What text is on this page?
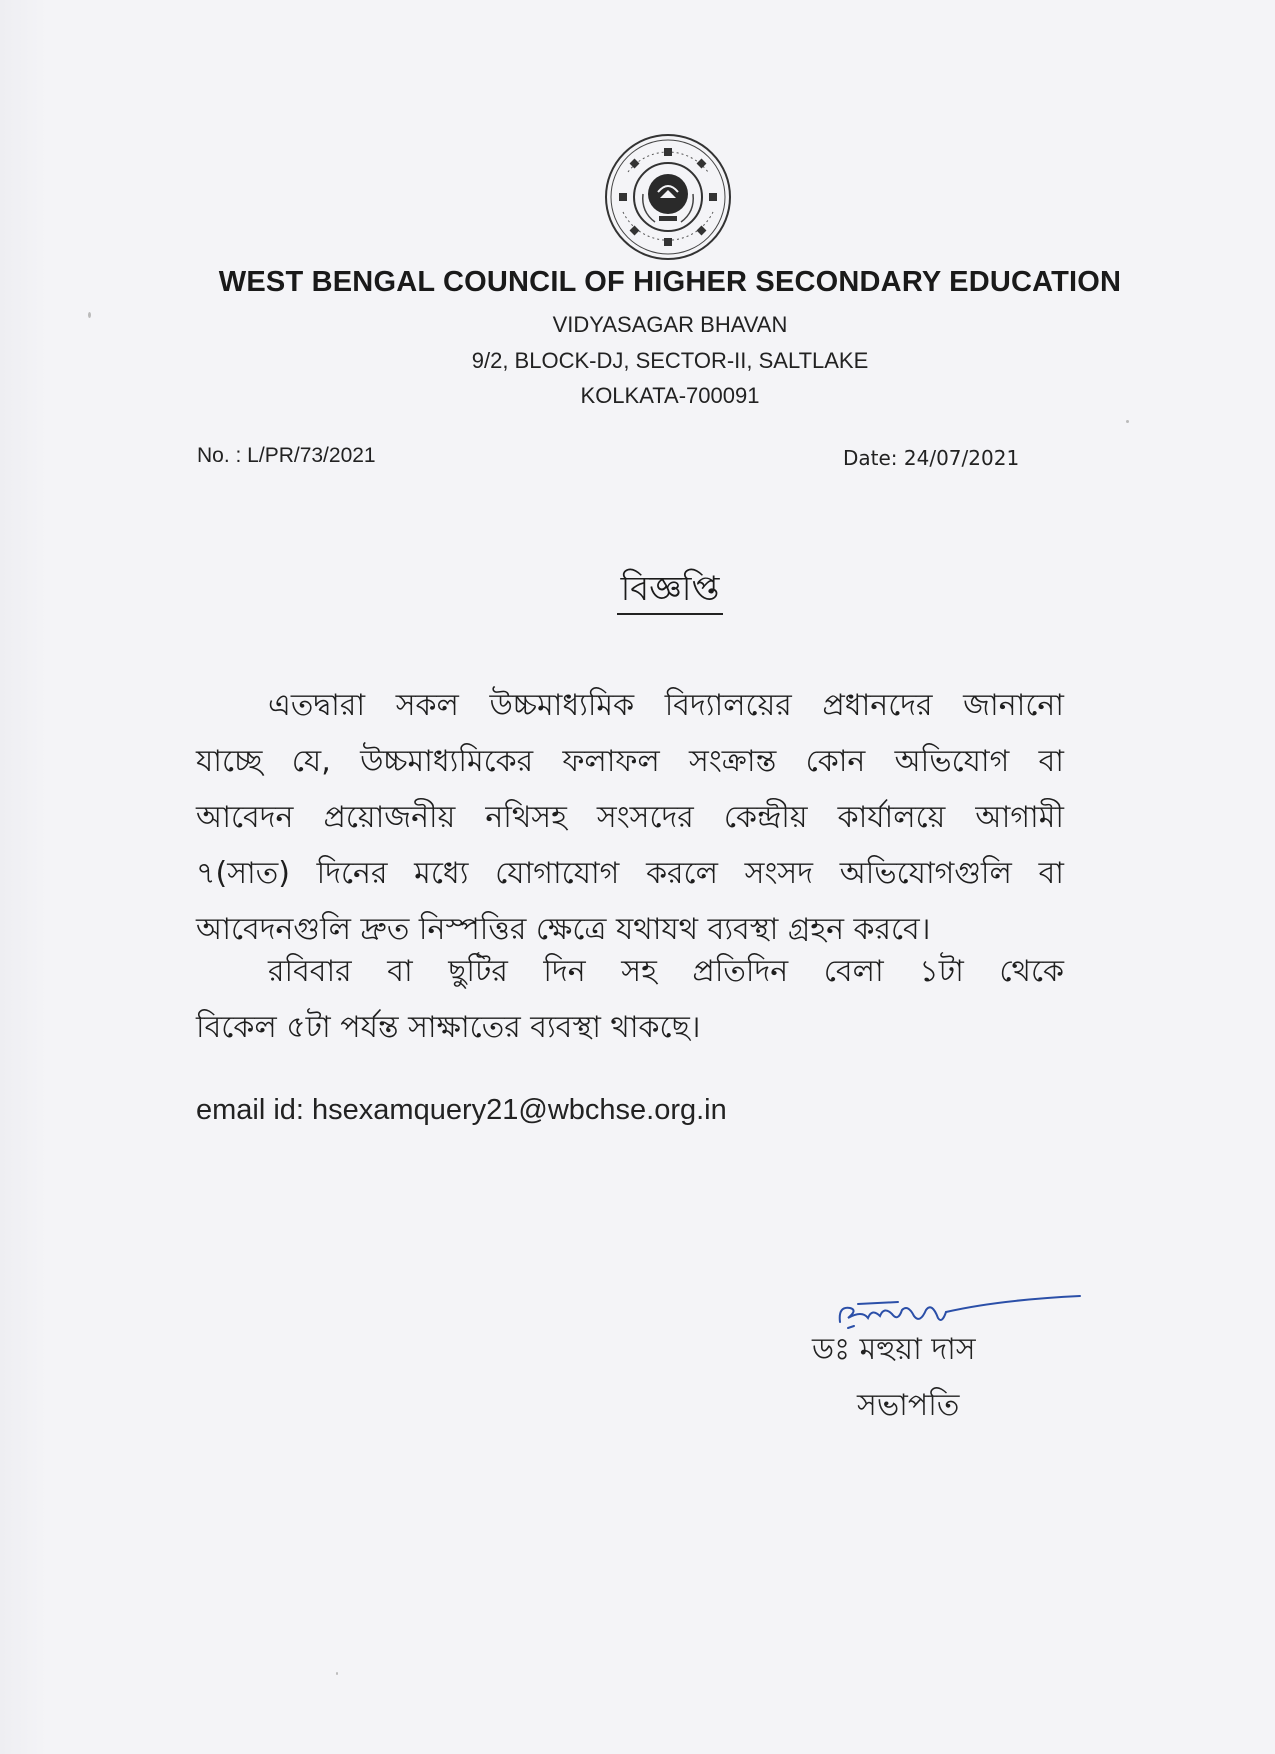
WEST BENGAL COUNCIL OF HIGHER SECONDARY EDUCATION
VIDYASAGAR BHAVAN
9/2, BLOCK-DJ, SECTOR-II, SALTLAKE
KOLKATA-700091
No. : L/PR/73/2021	Date: 24/07/2021
বিজ্ঞপ্তি
এতদ্বারা সকল উচ্চমাধ্যমিক বিদ্যালয়ের প্রধানদের জানানো
যাচ্ছে যে, উচ্চমাধ্যমিকের ফলাফল সংক্রান্ত কোন অভিযোগ বা
আবেদন প্রয়োজনীয় নথিসহ সংসদের কেন্দ্রীয় কার্যালয়ে আগামী
৭(সাত) দিনের মধ্যে যোগাযোগ করলে সংসদ অভিযোগগুলি বা
আবেদনগুলি দ্রুত নিস্পত্তির ক্ষেত্রে যথাযথ ব্যবস্থা গ্রহন করবে।
রবিবার বা ছুটির দিন সহ প্রতিদিন বেলা ১টা থেকে
বিকেল ৫টা পর্যন্ত সাক্ষাতের ব্যবস্থা থাকছে।
email id: hsexamquery21@wbchse.org.in
ডঃ মহুয়া দাস
সভাপতি
